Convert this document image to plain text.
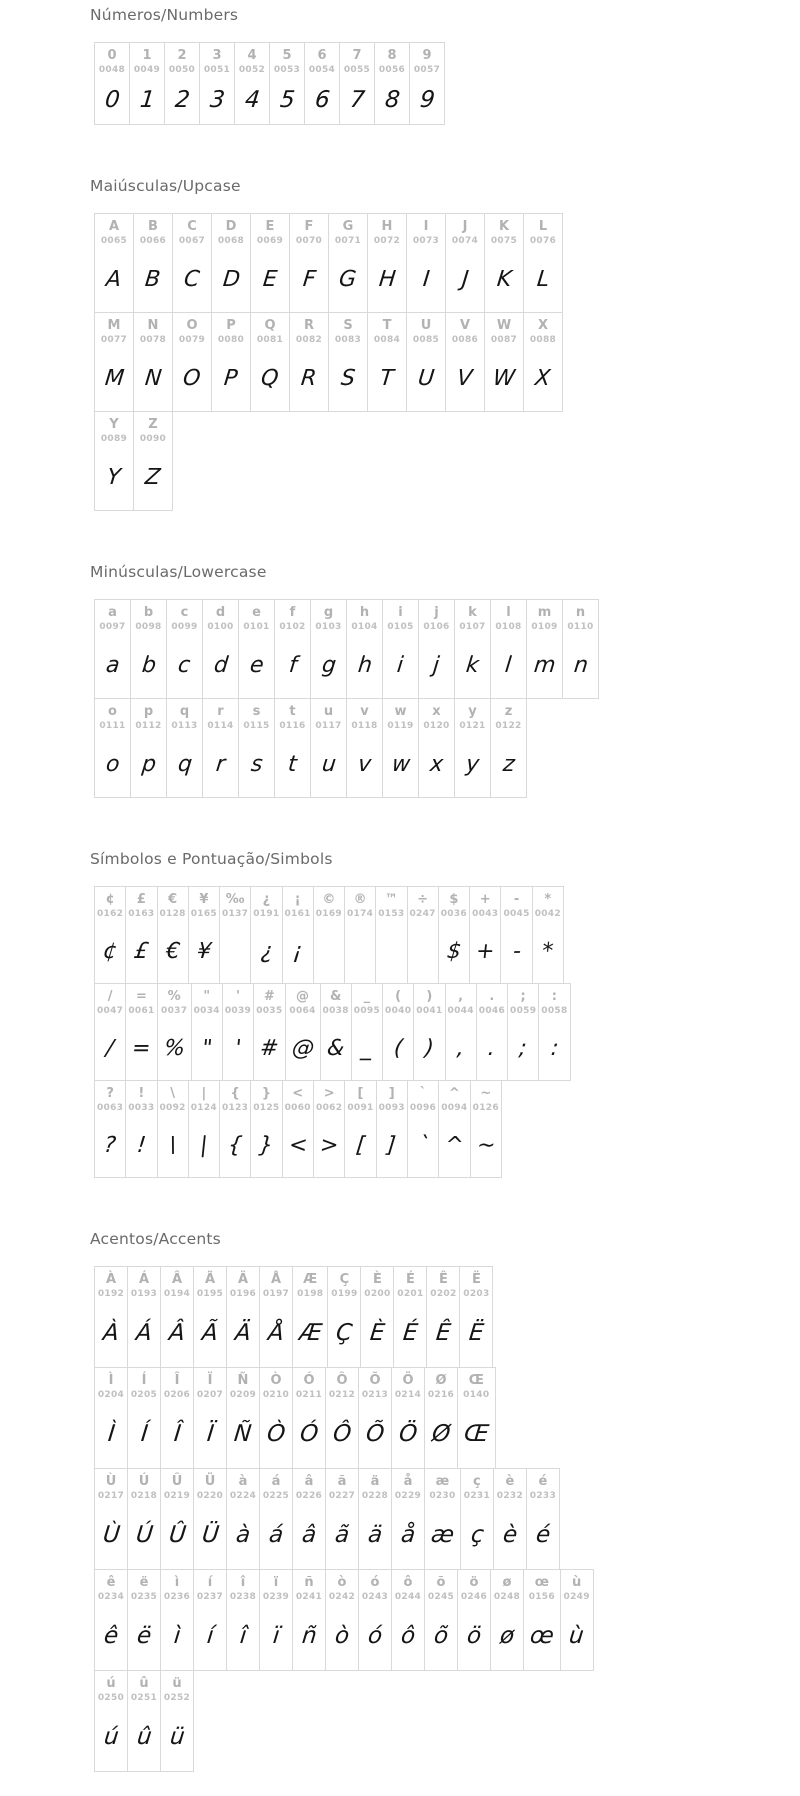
Números/Numbers
0
0048
0
1
0049
1
2
0050
2
3
0051
3
4
0052
4
5
0053
5
6
0054
6
7
0055
7
8
0056
8
9
0057
9
Maiúsculas/Upcase
A
0065
A
B
0066
B
C
0067
C
D
0068
D
E
0069
E
F
0070
F
G
0071
G
H
0072
H
I
0073
I
J
0074
J
K
0075
K
L
0076
L
M
0077
M
N
0078
N
O
0079
O
P
0080
P
Q
0081
Q
R
0082
R
S
0083
S
T
0084
T
U
0085
U
V
0086
V
W
0087
W
X
0088
X
Y
0089
Y
Z
0090
Z
Minúsculas/Lowercase
a
0097
a
b
0098
b
c
0099
c
d
0100
d
e
0101
e
f
0102
f
g
0103
g
h
0104
h
i
0105
i
j
0106
j
k
0107
k
l
0108
l
m
0109
m
n
0110
n
o
0111
o
p
0112
p
q
0113
q
r
0114
r
s
0115
s
t
0116
t
u
0117
u
v
0118
v
w
0119
w
x
0120
x
y
0121
y
z
0122
z
Símbolos e Pontuação/Simbols
¢
0162
¢
£
0163
£
€
0128
€
¥
0165
¥
‰
0137
¿
0191
¿
¡
0161
¡
©
0169
®
0174
™
0153
÷
0247
$
0036
$
+
0043
+
-
0045
-
*
0042
*
/
0047
/
=
0061
=
%
0037
%
"
0034
"
'
0039
'
#
0035
#
@
0064
@
&
0038
&
_
0095
_
(
0040
(
)
0041
)
,
0044
,
.
0046
.
;
0059
;
:
0058
:
?
0063
?
!
0033
!
\
0092
\
|
0124
|
{
0123
{
}
0125
}
<
0060
<
>
0062
>
[
0091
[
]
0093
]
`
0096
`
^
0094
^
~
0126
~
Acentos/Accents
À
0192
À
Á
0193
Á
Â
0194
Â
Ã
0195
Ã
Ä
0196
Ä
Å
0197
Å
Æ
0198
Æ
Ç
0199
Ç
È
0200
È
É
0201
É
Ê
0202
Ê
Ë
0203
Ë
Ì
0204
Ì
Í
0205
Í
Î
0206
Î
Ï
0207
Ï
Ñ
0209
Ñ
Ò
0210
Ò
Ó
0211
Ó
Ô
0212
Ô
Õ
0213
Õ
Ö
0214
Ö
Ø
0216
Ø
Œ
0140
Œ
Ù
0217
Ù
Ú
0218
Ú
Û
0219
Û
Ü
0220
Ü
à
0224
à
á
0225
á
â
0226
â
ã
0227
ã
ä
0228
ä
å
0229
å
æ
0230
æ
ç
0231
ç
è
0232
è
é
0233
é
ê
0234
ê
ë
0235
ë
ì
0236
ì
í
0237
í
î
0238
î
ï
0239
ï
ñ
0241
ñ
ò
0242
ò
ó
0243
ó
ô
0244
ô
õ
0245
õ
ö
0246
ö
ø
0248
ø
œ
0156
œ
ù
0249
ù
ú
0250
ú
û
0251
û
ü
0252
ü
